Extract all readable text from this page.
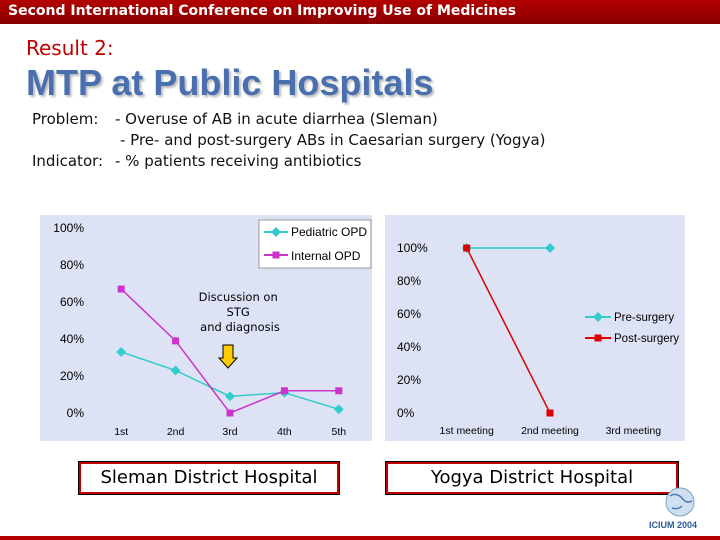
Second International Conference on Improving Use of Medicines
Result 2:
MTP at Public Hospitals
Problem: - Overuse of AB in acute diarrhea (Sleman)
- Pre- and post-surgery ABs in Caesarian surgery (Yogya)
Indicator: - % patients receiving antibiotics
0%
20%
40%
60%
80%
100%
1st	2nd	3rd	4th	5th
Pediatric OPD
Internal OPD
Discussion on STG and diagnosis
0%
20%
40%
60%
80%
100%
1st meeting	2nd meeting	3rd meeting
Pre-surgery
Post-surgery
Sleman District Hospital	Yogya District Hospital
ICIUM 2004
